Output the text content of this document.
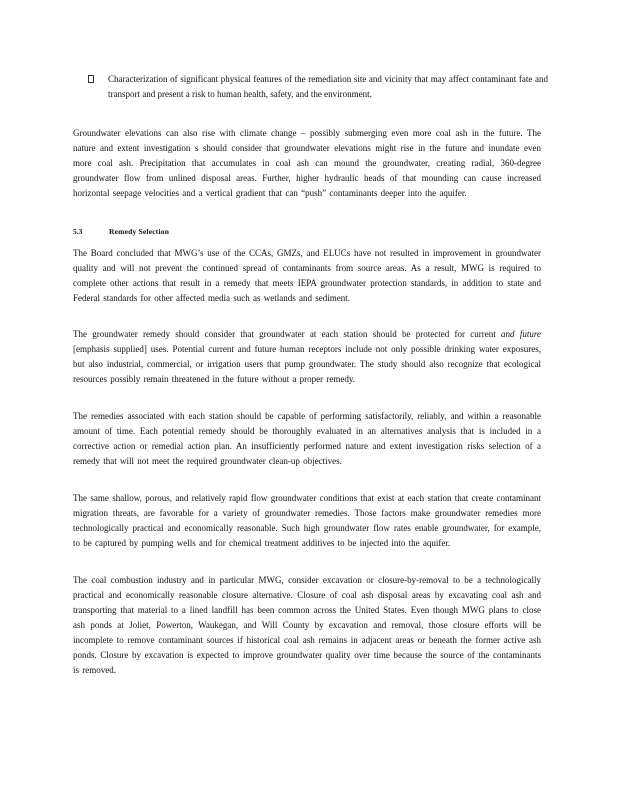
Characterization of significant physical features of the remediation site and vicinity that may affect contaminant fate and transport and present a risk to human health, safety, and the environment.

Groundwater elevations can also rise with climate change – possibly submerging even more coal ash in the future. The nature and extent investigation s should consider that groundwater elevations might rise in the future and inundate even more coal ash. Precipitation that accumulates in coal ash can mound the groundwater, creating radial, 360-degree groundwater flow from unlined disposal areas. Further, higher hydraulic heads of that mounding can cause increased horizontal seepage velocities and a vertical gradient that can “push” contaminants deeper into the aquifer.

5.3	Remedy Selection

The Board concluded that MWG’s use of the CCAs, GMZs, and ELUCs have not resulted in improvement in groundwater quality and will not prevent the continued spread of contaminants from source areas. As a result, MWG is required to complete other actions that result in a remedy that meets IEPA groundwater protection standards, in addition to state and Federal standards for other affected media such as wetlands and sediment.

The groundwater remedy should consider that groundwater at each station should be protected for current and future [emphasis supplied] uses. Potential current and future human receptors include not only possible drinking water exposures, but also industrial, commercial, or irrigation users that pump groundwater. The study should also recognize that ecological resources possibly remain threatened in the future without a proper remedy.

The remedies associated with each station should be capable of performing satisfactorily, reliably, and within a reasonable amount of time. Each potential remedy should be thoroughly evaluated in an alternatives analysis that is included in a corrective action or remedial action plan. An insufficiently performed nature and extent investigation risks selection of a remedy that will not meet the required groundwater clean-up objectives.

The same shallow, porous, and relatively rapid flow groundwater conditions that exist at each station that create contaminant migration threats, are favorable for a variety of groundwater remedies. Those factors make groundwater remedies more technologically practical and economically reasonable. Such high groundwater flow rates enable groundwater, for example, to be captured by pumping wells and for chemical treatment additives to be injected into the aquifer.

The coal combustion industry and in particular MWG, consider excavation or closure-by-removal to be a technologically practical and economically reasonable closure alternative. Closure of coal ash disposal areas by excavating coal ash and transporting that material to a lined landfill has been common across the United States. Even though MWG plans to close ash ponds at Joliet, Powerton, Waukegan, and Will County by excavation and removal, those closure efforts will be incomplete to remove contaminant sources if historical coal ash remains in adjacent areas or beneath the former active ash ponds. Closure by excavation is expected to improve groundwater quality over time because the source of the contaminants is removed.
